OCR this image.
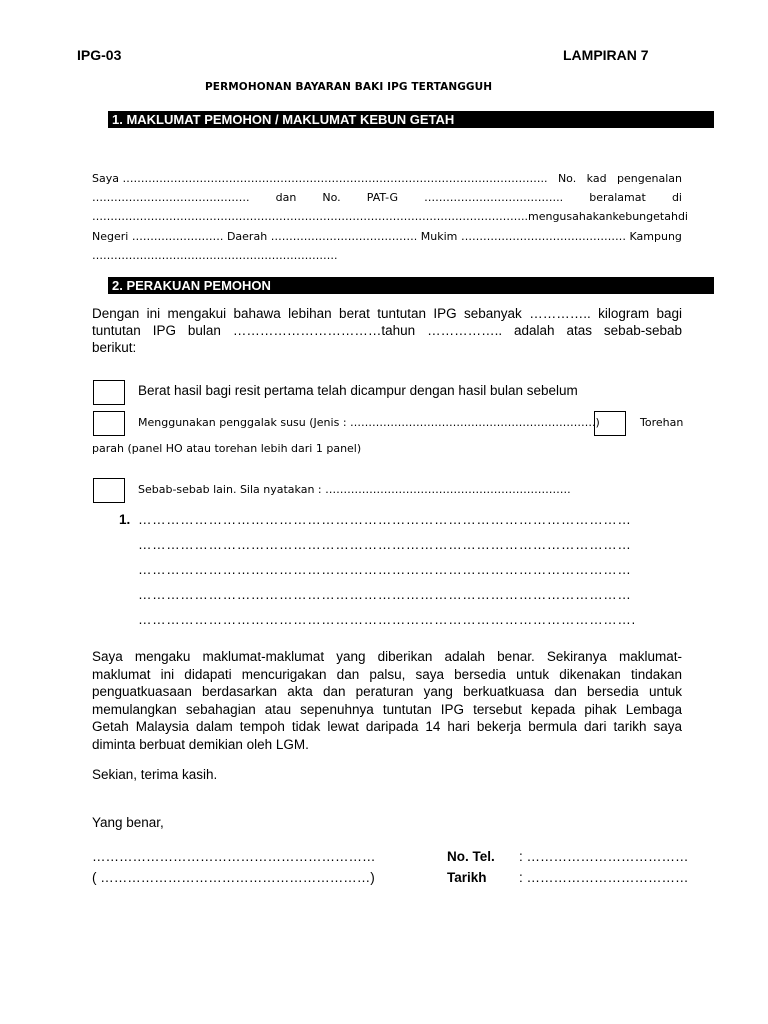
IPG-03	LAMPIRAN 7
PERMOHONAN BAYARAN BAKI IPG TERTANGGUH
1. MAKLUMAT PEMOHON / MAKLUMAT KEBUN GETAH
Saya …………………………………………………………………………………………………….. No. kad pengenalan
……………………………………. dan No. PAT-G ……………………………….. beralamat di
……………………………………………………………………………………………………….. mengusahakan kebun getah di
Negeri ……………………. Daerah …………………………………. Mukim ……………………………………… Kampung
………………………………………………………….
2. PERAKUAN PEMOHON
Dengan ini mengakui bahawa lebihan berat tuntutan IPG sebanyak ………….. kilogram bagi
tuntutan IPG bulan ……………………………tahun …………….. adalah atas sebab-sebab
berikut:
Berat hasil bagi resit pertama telah dicampur dengan hasil bulan sebelum
Menggunakan penggalak susu (Jenis : ………………………………………………………….)	Torehan
parah (panel HO atau torehan lebih dari 1 panel)
Sebab-sebab lain. Sila nyatakan : ………………………………………………………….
1. ……………………………………………………………………………………………
……………………………………………………………………………………………
……………………………………………………………………………………………
……………………………………………………………………………………………
…………………………………………………………………………………………….
Saya mengaku maklumat-maklumat yang diberikan adalah benar. Sekiranya maklumat-
maklumat ini didapati mencurigakan dan palsu, saya bersedia untuk dikenakan tindakan
penguatkuasaan berdasarkan akta dan peraturan yang berkuatkuasa dan bersedia untuk
memulangkan sebahagian atau sepenuhnya tuntutan IPG tersebut kepada pihak Lembaga
Getah Malaysia dalam tempoh tidak lewat daripada 14 hari bekerja bermula dari tarikh saya
diminta berbuat demikian oleh LGM.
Sekian, terima kasih.
Yang benar,
………………………………………………………
( ……………………………………………………)
No. Tel. : ………………………………
Tarikh : ………………………………
